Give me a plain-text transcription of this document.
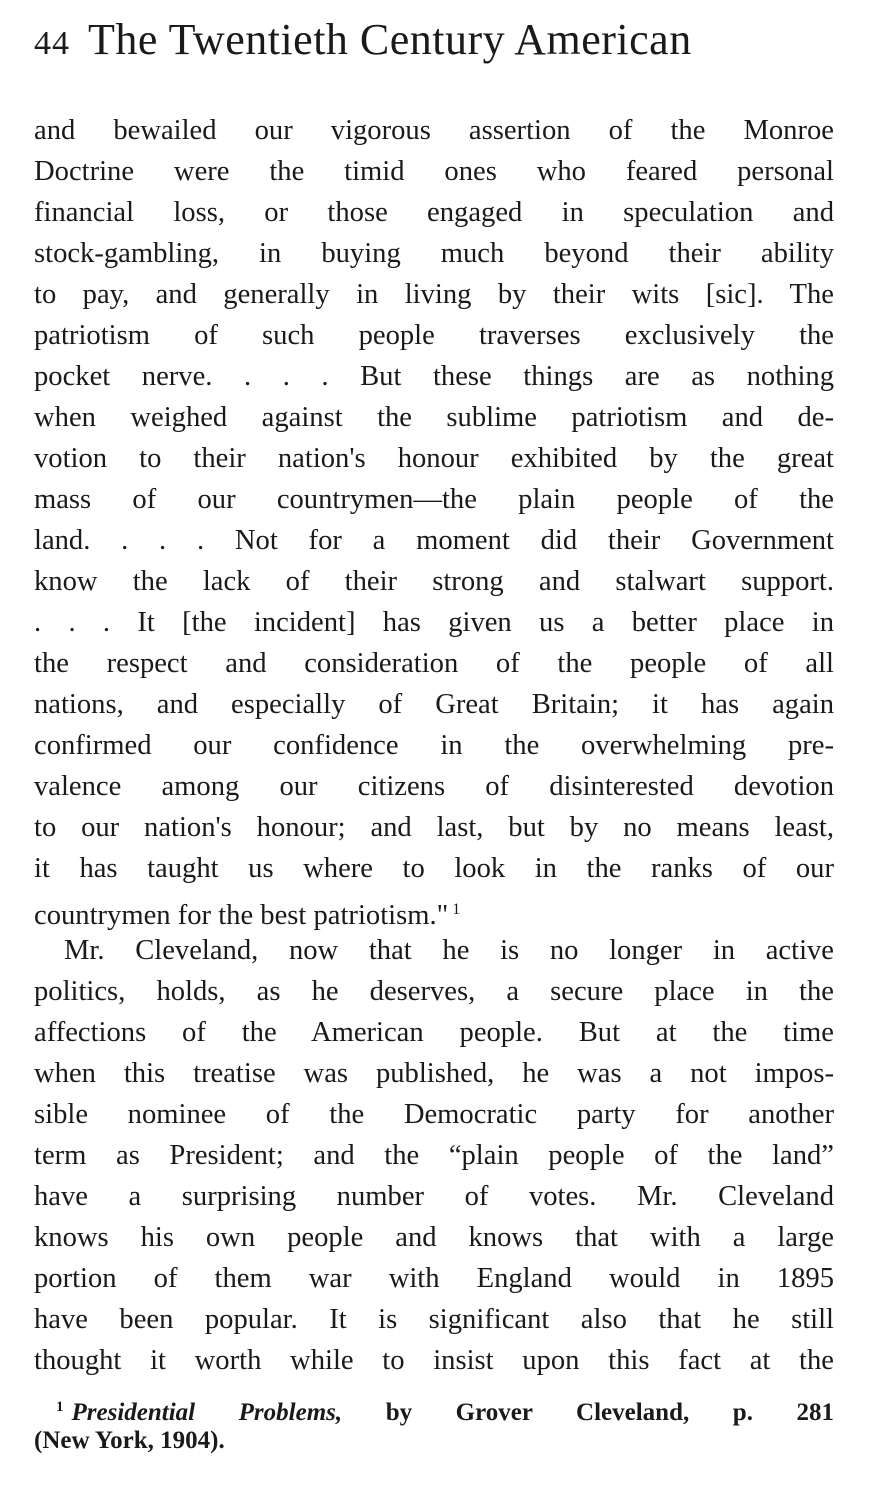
44 The Twentieth Century American
and bewailed our vigorous assertion of the Monroe
Doctrine were the timid ones who feared personal
financial loss, or those engaged in speculation and
stock-gambling, in buying much beyond their ability
to pay, and generally in living by their wits [sic]. The
patriotism of such people traverses exclusively the
pocket nerve. . . . But these things are as nothing
when weighed against the sublime patriotism and de-
votion to their nation's honour exhibited by the great
mass of our countrymen—the plain people of the
land. . . . Not for a moment did their Government
know the lack of their strong and stalwart support.
. . . It [the incident] has given us a better place in
the respect and consideration of the people of all
nations, and especially of Great Britain; it has again
confirmed our confidence in the overwhelming pre-
valence among our citizens of disinterested devotion
to our nation's honour; and last, but by no means least,
it has taught us where to look in the ranks of our
countrymen for the best patriotism." $^1$
Mr. Cleveland, now that he is no longer in active
politics, holds, as he deserves, a secure place in the
affections of the American people. But at the time
when this treatise was published, he was a not impos-
sible nominee of the Democratic party for another
term as President; and the “plain people of the land”
have a surprising number of votes. Mr. Cleveland
knows his own people and knows that with a large
portion of them war with England would in 1895
have been popular. It is significant also that he still
thought it worth while to insist upon this fact at the
$^1$ Presidential Problems, by Grover Cleveland, p. 281
(New York, 1904).
